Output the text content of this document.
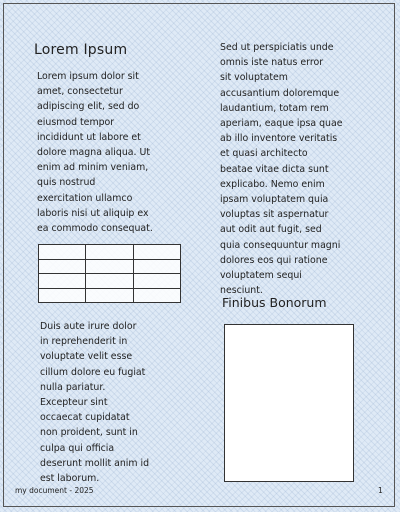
Lorem Ipsum

Lorem ipsum dolor sit
amet, consectetur
adipiscing elit, sed do
eiusmod tempor
incididunt ut labore et
dolore magna aliqua. Ut
enim ad minim veniam,
quis nostrud
exercitation ullamco
laboris nisi ut aliquip ex
ea commodo consequat.

Duis aute irure dolor
in reprehenderit in
voluptate velit esse
cillum dolore eu fugiat
nulla pariatur.
Excepteur sint
occaecat cupidatat
non proident, sunt in
culpa qui officia
deserunt mollit anim id
est laborum.

Sed ut perspiciatis unde
omnis iste natus error
sit voluptatem
accusantium doloremque
laudantium, totam rem
aperiam, eaque ipsa quae
ab illo inventore veritatis
et quasi architecto
beatae vitae dicta sunt
explicabo. Nemo enim
ipsam voluptatem quia
voluptas sit aspernatur
aut odit aut fugit, sed
quia consequuntur magni
dolores eos qui ratione
voluptatem sequi
nesciunt.

Finibus Bonorum
my document - 2025	1
